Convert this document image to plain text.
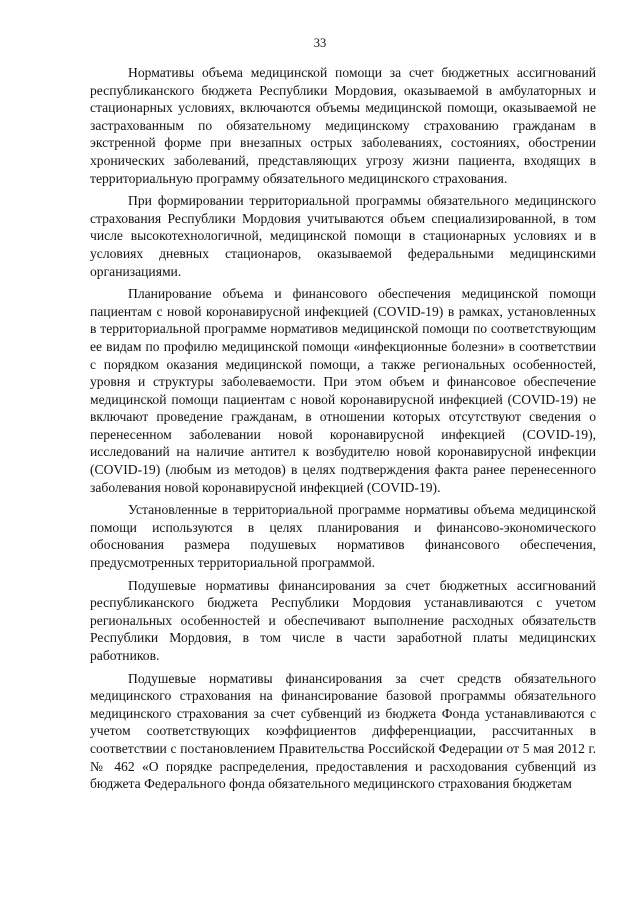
33

Нормативы объема медицинской помощи за счет бюджетных ассигнований республиканского бюджета Республики Мордовия, оказываемой в амбулаторных и стационарных условиях, включаются объемы медицинской помощи, оказываемой не застрахованным по обязательному медицинскому страхованию гражданам в экстренной форме при внезапных острых заболеваниях, состояниях, обострении хронических заболеваний, представляющих угрозу жизни пациента, входящих в территориальную программу обязательного медицинского страхования.

При формировании территориальной программы обязательного медицинского страхования Республики Мордовия учитываются объем специализированной, в том числе высокотехнологичной, медицинской помощи в стационарных условиях и в условиях дневных стационаров, оказываемой федеральными медицинскими организациями.

Планирование объема и финансового обеспечения медицинской помощи пациентам с новой коронавирусной инфекцией (COVID-19) в рамках, установленных в территориальной программе нормативов медицинской помощи по соответствующим ее видам по профилю медицинской помощи «инфекционные болезни» в соответствии с порядком оказания медицинской помощи, а также региональных особенностей, уровня и структуры заболеваемости. При этом объем и финансовое обеспечение медицинской помощи пациентам с новой коронавирусной инфекцией (COVID-19) не включают проведение гражданам, в отношении которых отсутствуют сведения о перенесенном заболевании новой коронавирусной инфекцией (COVID-19), исследований на наличие антител к возбудителю новой коронавирусной инфекции (COVID-19) (любым из методов) в целях подтверждения факта ранее перенесенного заболевания новой коронавирусной инфекцией (COVID-19).

Установленные в территориальной программе нормативы объема медицинской помощи используются в целях планирования и финансово-экономического обоснования размера подушевых нормативов финансового обеспечения, предусмотренных территориальной программой.

Подушевые нормативы финансирования за счет бюджетных ассигнований республиканского бюджета Республики Мордовия устанавливаются с учетом региональных особенностей и обеспечивают выполнение расходных обязательств Республики Мордовия, в том числе в части заработной платы медицинских работников.

Подушевые нормативы финансирования за счет средств обязательного медицинского страхования на финансирование базовой программы обязательного медицинского страхования за счет субвенций из бюджета Фонда устанавливаются с учетом соответствующих коэффициентов дифференциации, рассчитанных в соответствии с постановлением Правительства Российской Федерации от 5 мая 2012 г. № 462 «О порядке распределения, предоставления и расходования субвенций из бюджета Федерального фонда обязательного медицинского страхования бюджетам
